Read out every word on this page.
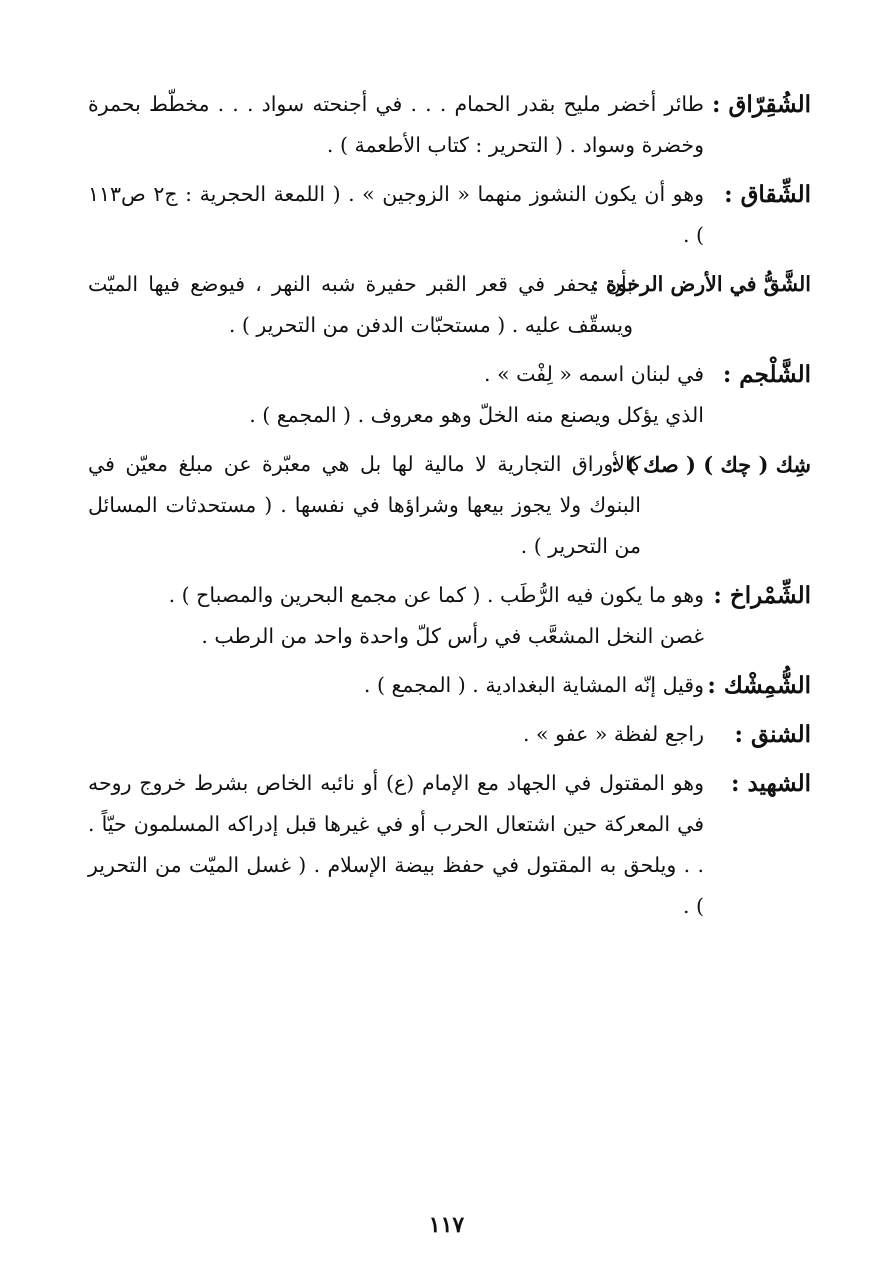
الشُقِرّاق :

طائر أخضر مليح بقدر الحمام . . . في أجنحته سواد . . . مخطّط بحمرة وخضرة وسواد . ( التحرير : كتاب الأطعمة ) .

الشِّقاق :

وهو أن يكون النشوز منهما « الزوجين » . ( اللمعة الحجرية : ج٢ ص١١٣ ) .

الشَّقُّ في الأرض الرخوة :

بأن يحفر في قعر القبر حفيرة شبه النهر ، فيوضع فيها الميّت ويسقّف عليه . ( مستحبّات الدفن من التحرير ) .

الشَّلْجم :

في لبنان اسمه « لِفْت » .

الذي يؤكل ويصنع منه الخلّ وهو معروف . ( المجمع ) .

شِك ( چك ) ( صك ) :

كالأوراق التجارية لا مالية لها بل هي معبّرة عن مبلغ معيّن في البنوك ولا يجوز بيعها وشراؤها في نفسها . ( مستحدثات المسائل من التحرير ) .

الشِّمْراخ :

وهو ما يكون فيه الرُّطَب . ( كما عن مجمع البحرين والمصباح ) .

غصن النخل المشعَّب في رأس كلّ واحدة واحد من الرطب .

الشُّمِشْك :

وقيل إنّه المشاية البغدادية . ( المجمع ) .

الشنق :

راجع لفظة « عفو » .

الشهيد :

وهو المقتول في الجهاد مع الإمام (ع) أو نائبه الخاص بشرط خروج روحه في المعركة حين اشتعال الحرب أو في غيرها قبل إدراكه المسلمون حيّاً . . . ويلحق به المقتول في حفظ بيضة الإسلام . ( غسل الميّت من التحرير ) .

١١٧
